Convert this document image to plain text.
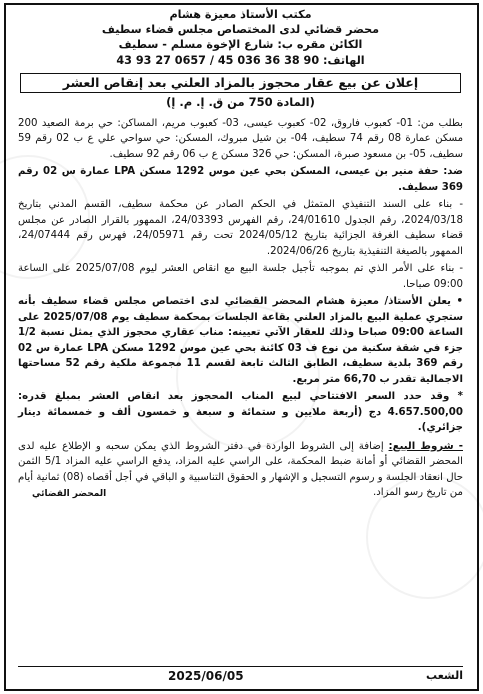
مكتب الأستاذ معيزة هشام
محضر قضائي لدى المختصاص مجلس قضاء سطيف
الكائن مقره ب: شارع الإخوة مسلم - سطيف
الهاتف: 90 38 36 036 45 / 0657 27 93 43
إعلان عن بيع عقار محجوز بالمزاد العلني بعد إنقاص العشر
(المادة 750 من ق. إ. م. إ)

بطلب من: 01- كعبوب فاروق، 02- كعبوب عيسى، 03- كعبوب مريم، المساكن: حي برمة الصعيد 200 مسكن عمارة 08 رقم 74 سطيف، 04- بن شيل مبروك، المسكن: حي سواحي علي ع ب 02 رقم 59 سطيف، 05- بن مسعود صبرة، المسكن: حي 326 مسكن ع ب 06 رقم 92 سطيف.

ضد: حفة منير بن عيسى، المسكن بحي عين موس 1292 مسكن LPA عمارة س 02 رقم 369 سطيف.

- بناء على السند التنفيذي المتمثل في الحكم الصادر عن محكمة سطيف، القسم المدني بتاريخ 2024/03/18، رقم الجدول 24/01610، رقم الفهرس 24/03393، الممهور بالقرار الصادر عن مجلس قضاء سطيف الغرفة الجزائية بتاريخ 2024/05/12 تحت رقم 24/05971، فهرس رقم 24/07444، الممهور بالصيغة التنفيذية بتاريخ 2024/06/26.

- بناء على الأمر الذي تم بموجبه تأجيل جلسة البيع مع انقاص العشر ليوم 2025/07/08 على الساعة 09:00 صباحا.

• يعلن الأستاذ/ معيزة هشام المحضر القضائي لدى اختصاص مجلس قضاء سطيف بأنه ستجري عملية البيع بالمزاد العلني بقاعة الجلسات بمحكمة سطيف يوم 2025/07/08 على الساعة 09:00 صباحا وذلك للعقار الآتي تعيينه: مناب عقاري محجوز الذي يمثل نسبة 1/2 جزء في شقة سكنية من نوع ف 03 كائنة بحي عين موس 1292 مسكن LPA عمارة س 02 رقم 369 بلدية سطيف، الطابق الثالث تابعة لقسم 11 مجموعة ملكية رقم 52 مساحتها الاجمالية تقدر ب 66,70 متر مربع.

* وقد حدد السعر الافتتاحي لبيع المناب المحجوز بعد انقاص العشر بمبلغ قدره: 4.657.500,00 دج (أربعة ملايين و ستمائة و سبعة و خمسون ألف و خمسمائة دينار جزائري).

- شروط البيع: إضافة إلى الشروط الواردة في دفتر الشروط الذي يمكن سحبه و الإطلاع عليه لدى المحضر القضائي أو أمانة ضبط المحكمة، على الراسي عليه المزاد، يدفع الراسي عليه المزاد 5/1 الثمن حال انعقاد الجلسة و رسوم التسجيل و الإشهار و الحقوق التناسبية و الباقي في أجل أقصاه (08) ثمانية أيام من تاريخ رسو المزاد.

المحضر القضائي
الشعب
2025/06/05
